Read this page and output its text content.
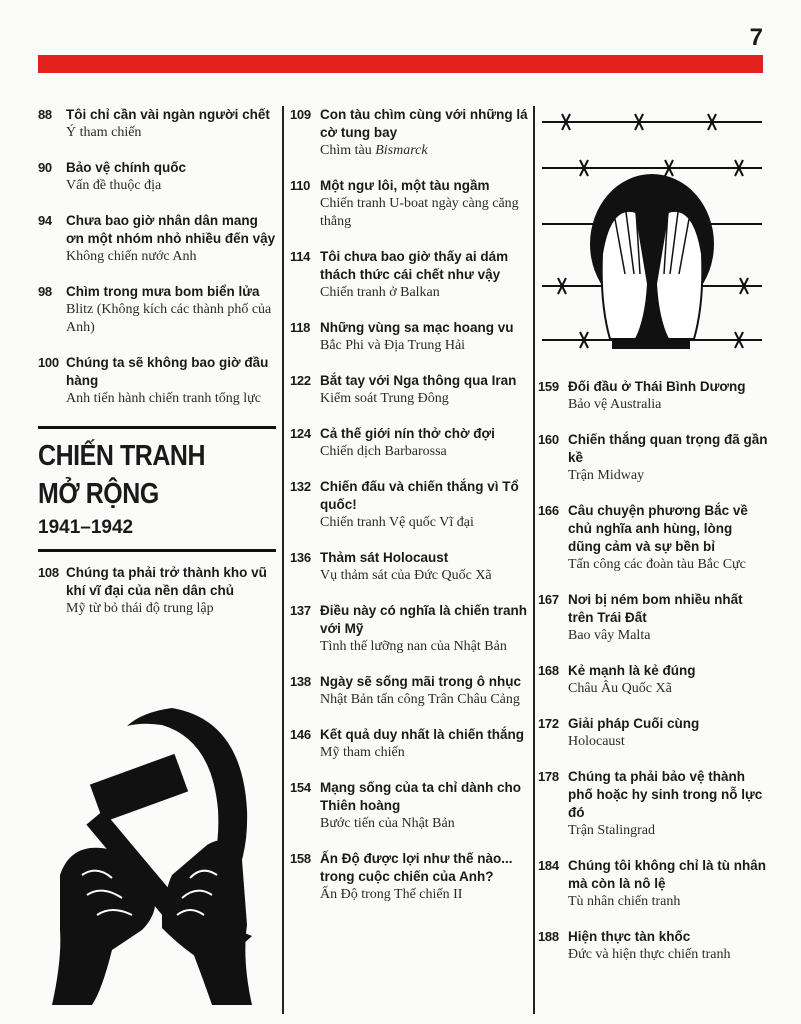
7
88 Tôi chỉ cần vài ngàn người chết
Ý tham chiến
90 Bảo vệ chính quốc
Vấn đề thuộc địa
94 Chưa bao giờ nhân dân mang ơn một nhóm nhỏ nhiều đến vậy
Không chiến nước Anh
98 Chìm trong mưa bom biển lửa
Blitz (Không kích các thành phố của Anh)
100 Chúng ta sẽ không bao giờ đầu hàng
Anh tiến hành chiến tranh tổng lực
CHIẾN TRANH
MỞ RỘNG
1941–1942
108 Chúng ta phải trở thành kho vũ khí vĩ đại của nền dân chủ
Mỹ từ bỏ thái độ trung lập
109 Con tàu chìm cùng với những lá cờ tung bay
Chìm tàu Bismarck
110 Một ngư lôi, một tàu ngầm
Chiến tranh U-boat ngày càng căng thẳng
114 Tôi chưa bao giờ thấy ai dám thách thức cái chết như vậy
Chiến tranh ở Balkan
118 Những vùng sa mạc hoang vu
Bắc Phi và Địa Trung Hải
122 Bắt tay với Nga thông qua Iran
Kiểm soát Trung Đông
124 Cả thế giới nín thở chờ đợi
Chiến dịch Barbarossa
132 Chiến đấu và chiến thắng vì Tổ quốc!
Chiến tranh Vệ quốc Vĩ đại
136 Thảm sát Holocaust
Vụ thảm sát của Đức Quốc Xã
137 Điều này có nghĩa là chiến tranh với Mỹ
Tình thế lưỡng nan của Nhật Bản
138 Ngày sẽ sống mãi trong ô nhục
Nhật Bản tấn công Trân Châu Cảng
146 Kết quả duy nhất là chiến thắng
Mỹ tham chiến
154 Mạng sống của ta chỉ dành cho Thiên hoàng
Bước tiến của Nhật Bản
158 Ấn Độ được lợi như thế nào... trong cuộc chiến của Anh?
Ấn Độ trong Thế chiến II
159 Đối đầu ở Thái Bình Dương
Bảo vệ Australia
160 Chiến thắng quan trọng đã gần kề
Trận Midway
166 Câu chuyện phương Bắc về chủ nghĩa anh hùng, lòng dũng cảm và sự bền bỉ
Tấn công các đoàn tàu Bắc Cực
167 Nơi bị ném bom nhiều nhất trên Trái Đất
Bao vây Malta
168 Kẻ mạnh là kẻ đúng
Châu Âu Quốc Xã
172 Giải pháp Cuối cùng
Holocaust
178 Chúng ta phải bảo vệ thành phố hoặc hy sinh trong nỗ lực đó
Trận Stalingrad
184 Chúng tôi không chỉ là tù nhân mà còn là nô lệ
Tù nhân chiến tranh
188 Hiện thực tàn khốc
Đức và hiện thực chiến tranh
